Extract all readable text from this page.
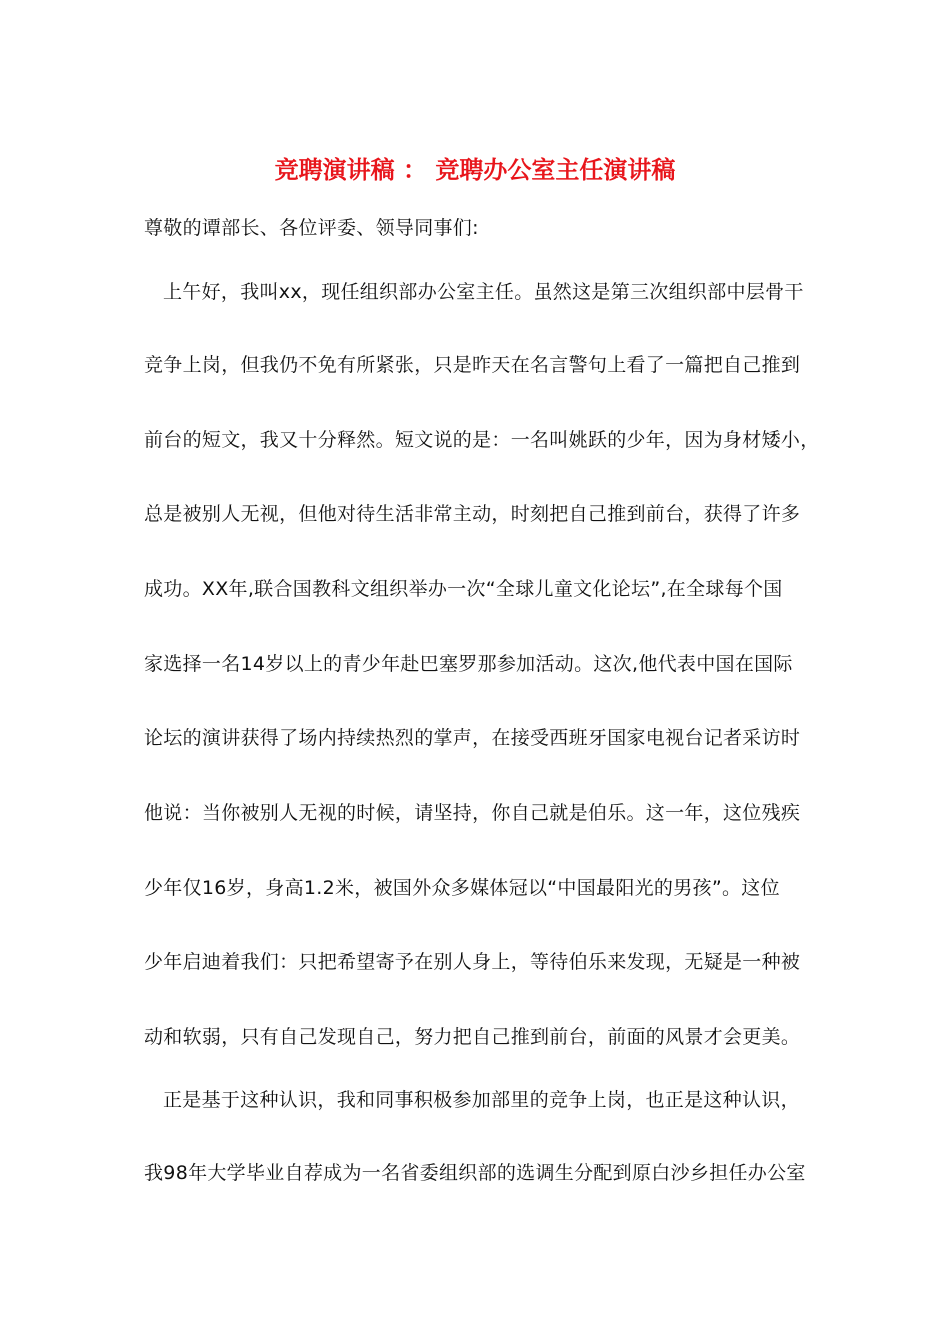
竞聘演讲稿 ： 竞聘办公室主任演讲稿
尊敬的谭部长、各位评委、领导同事们:
上午好，我叫xx，现任组织部办公室主任。虽然这是第三次组织部中层骨干
竞争上岗，但我仍不免有所紧张，只是昨天在名言警句上看了一篇把自己推到
前台的短文，我又十分释然。短文说的是：一名叫姚跃的少年，因为身材矮小，
总是被别人无视，但他对待生活非常主动，时刻把自己推到前台，获得了许多
成功。XX年,联合国教科文组织举办一次“全球儿童文化论坛”,在全球每个国
家选择一名14岁以上的青少年赴巴塞罗那参加活动。这次,他代表中国在国际
论坛的演讲获得了场内持续热烈的掌声，在接受西班牙国家电视台记者采访时
他说：当你被别人无视的时候，请坚持，你自己就是伯乐。这一年，这位残疾
少年仅16岁，身高1.2米，被国外众多媒体冠以“中国最阳光的男孩”。这位
少年启迪着我们：只把希望寄予在别人身上，等待伯乐来发现，无疑是一种被
动和软弱，只有自己发现自己，努力把自己推到前台，前面的风景才会更美。
正是基于这种认识，我和同事积极参加部里的竞争上岗，也正是这种认识，
我98年大学毕业自荐成为一名省委组织部的选调生分配到原白沙乡担任办公室
